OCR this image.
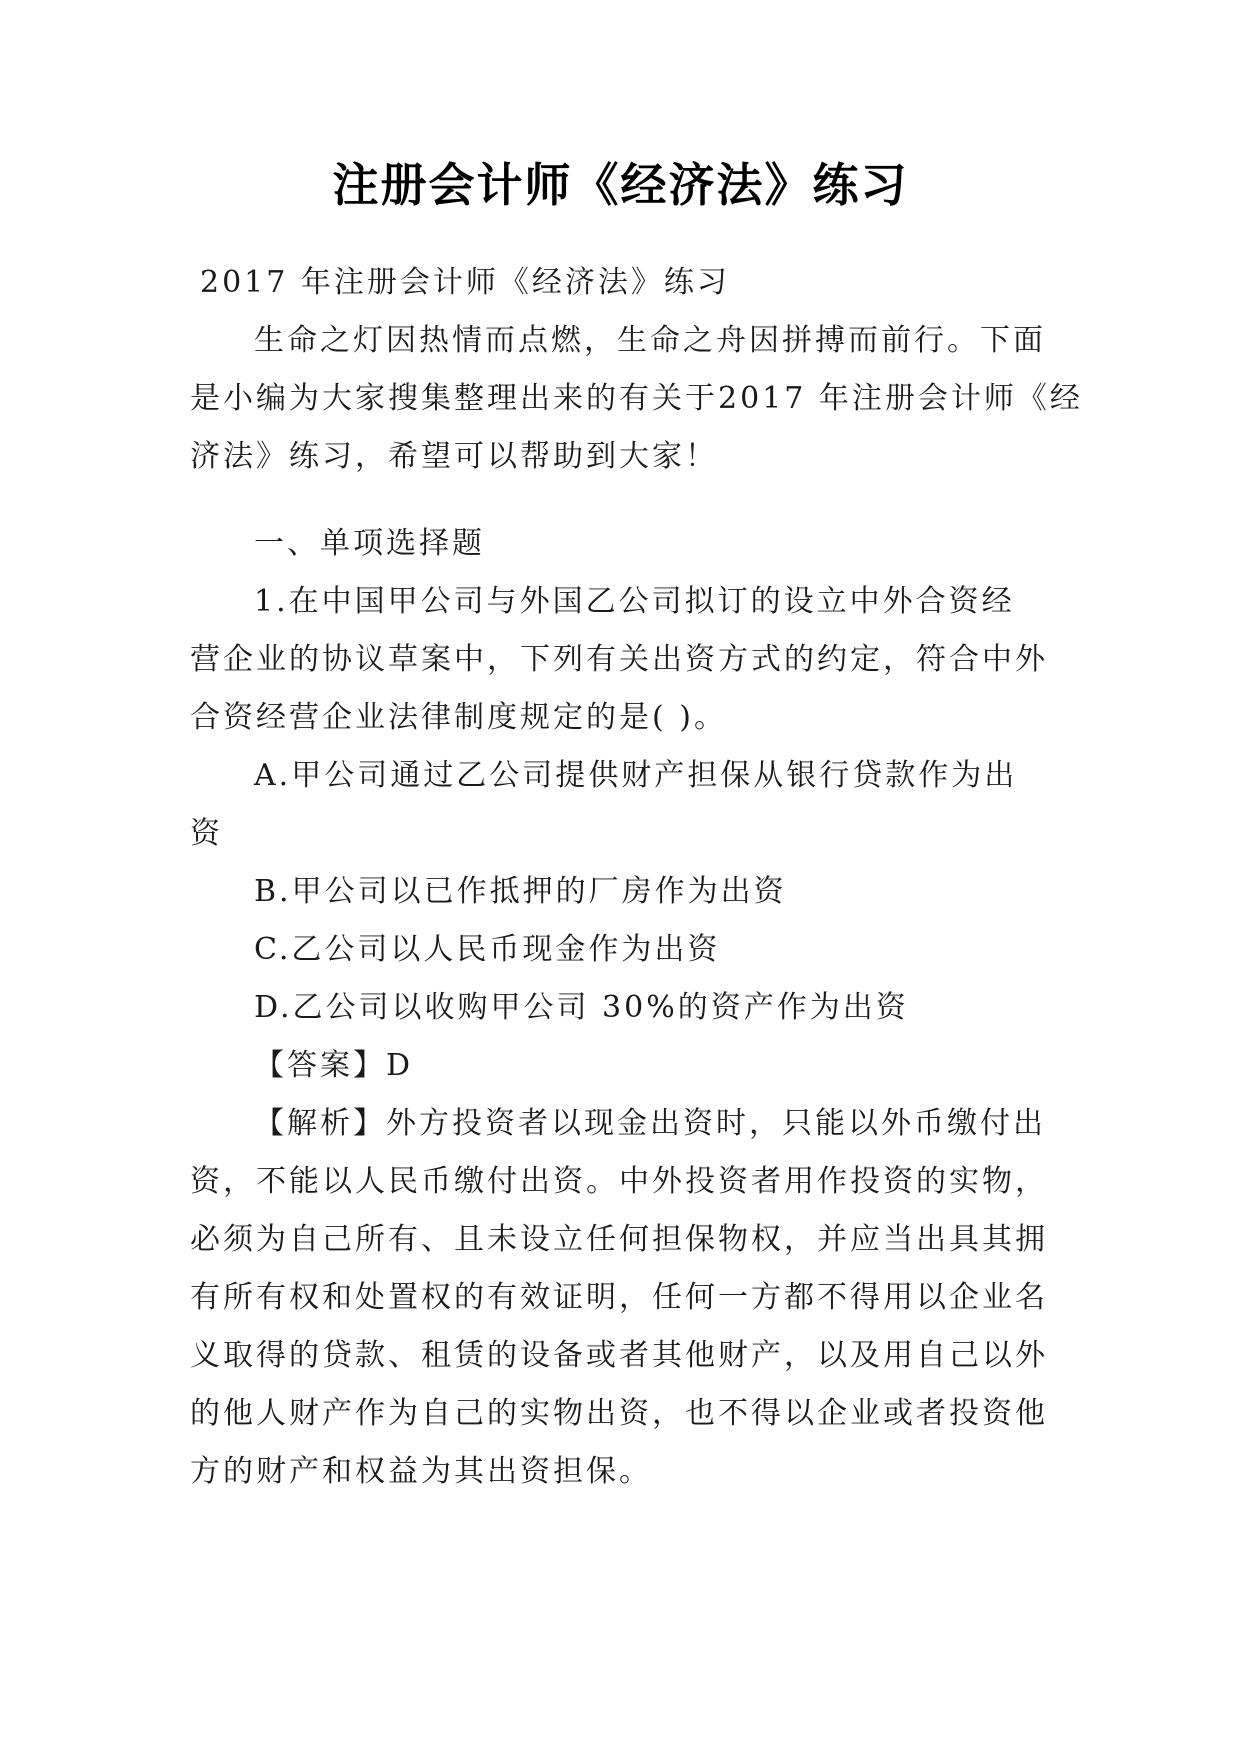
注册会计师《经济法》练习
2017 年注册会计师《经济法》练习
生命之灯因热情而点燃，生命之舟因拼搏而前行。下面
是小编为大家搜集整理出来的有关于2017 年注册会计师《经
济法》练习，希望可以帮助到大家！
一、单项选择题
1.在中国甲公司与外国乙公司拟订的设立中外合资经
营企业的协议草案中，下列有关出资方式的约定，符合中外
合资经营企业法律制度规定的是( )。
A.甲公司通过乙公司提供财产担保从银行贷款作为出
资
B.甲公司以已作抵押的厂房作为出资
C.乙公司以人民币现金作为出资
D.乙公司以收购甲公司 30%的资产作为出资
【答案】D
【解析】外方投资者以现金出资时，只能以外币缴付出
资，不能以人民币缴付出资。中外投资者用作投资的实物，
必须为自己所有、且未设立任何担保物权，并应当出具其拥
有所有权和处置权的有效证明，任何一方都不得用以企业名
义取得的贷款、租赁的设备或者其他财产，以及用自己以外
的他人财产作为自己的实物出资，也不得以企业或者投资他
方的财产和权益为其出资担保。
